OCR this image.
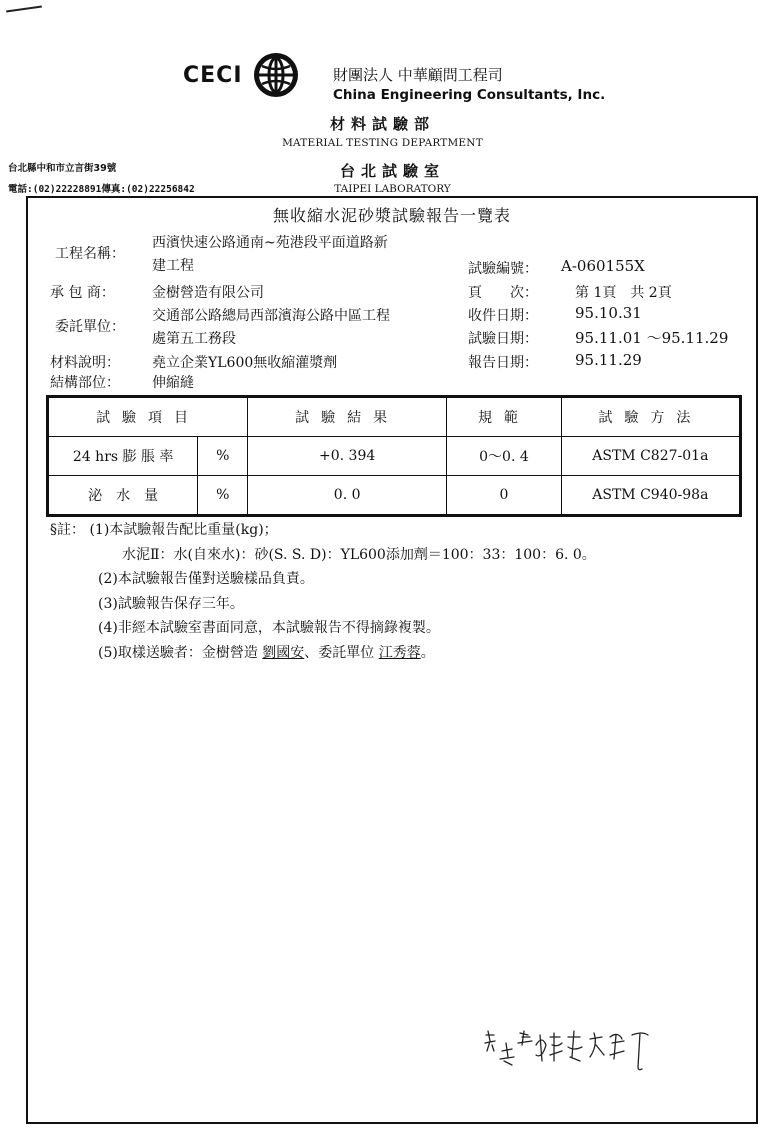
CECI	財團法人 中華顧問工程司
China Engineering Consultants, Inc.
材料試驗部
MATERIAL TESTING DEPARTMENT
台北試驗室
TAIPEI LABORATORY
台北縣中和市立言街39號
電話:(02)22228891傳真:(02)22256842
無收縮水泥砂漿試驗報告一覽表
工程名稱：
西濱快速公路通南~苑港段平面道路新
建工程
承 包 商：	金樹營造有限公司
委託單位：
交通部公路總局西部濱海公路中區工程
處第五工務段
材料說明： 堯立企業YL600無收縮灌漿劑
結構部位： 伸縮縫
試驗編號： A-060155X
頁　　次：	第 1頁　共 2頁
收件日期： 95.10.31
試驗日期： 95.11.01 ～95.11.29
報告日期： 95.11.29
試驗項目		試驗結果	規範	試驗方法
24 hrs 膨 脹 率	%	+0. 394	0～0. 4	ASTM C827-01a
泌　水　量	%	0. 0	0	ASTM C940-98a
§註： (1)本試驗報告配比重量(kg)；
水泥Ⅱ：水(自來水)：砂(S. S. D)：YL600添加劑＝100：33：100：6. 0。
(2)本試驗報告僅對送驗樣品負責。
(3)試驗報告保存三年。
(4)非經本試驗室書面同意，本試驗報告不得摘錄複製。
(5)取樣送驗者：金樹營造 劉國安、委託單位 江秀蓉。
